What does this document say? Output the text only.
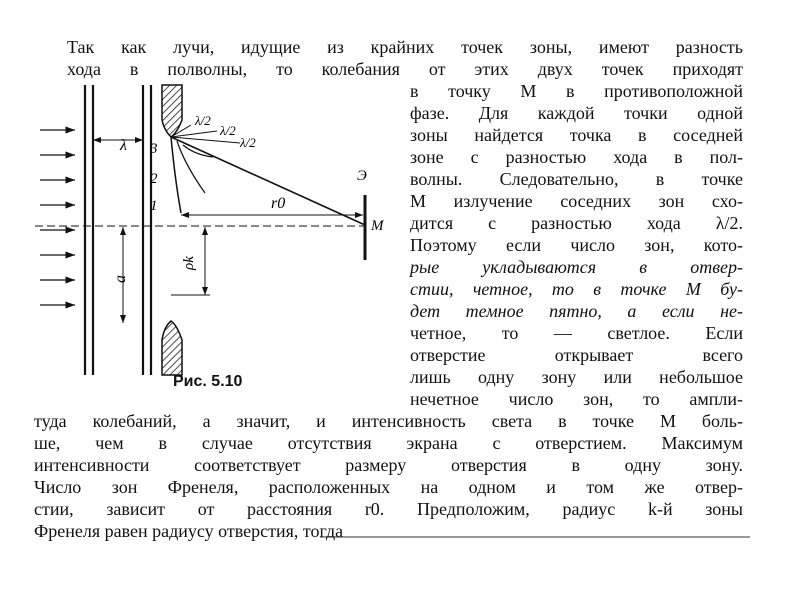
Так как лучи, идущие из крайних точек зоны, имеют разность
хода в полволны, то колебания от этих двух точек приходят
в точку M в противоположной
фазе. Для каждой точки одной
зоны найдется точка в соседней
зоне с разностью хода в пол-
волны. Следовательно, в точке
M излучение соседних зон схо-
дится с разностью хода λ/2.
Поэтому если число зон, кото-
рые укладываются в отвер-
стии, четное, то в точке M бу-
дет темное пятно, а если не-
четное, то — светлое. Если
отверстие открывает всего
лишь одну зону или небольшое
нечетное число зон, то ампли-
туда колебаний, а значит, и интенсивность света в точке M боль-
ше, чем в случае отсутствия экрана с отверстием. Максимум
интенсивности соответствует размеру отверстия в одну зону.
Число зон Френеля, расположенных на одном и том же отвер-
стии, зависит от расстояния r0. Предположим, радиус k-й зоны
Френеля равен радиусу отверстия, тогда
λ
λ/2
λ/2
λ/2
3
2
1
Э
M
r0
a
ρk
Рис. 5.10
